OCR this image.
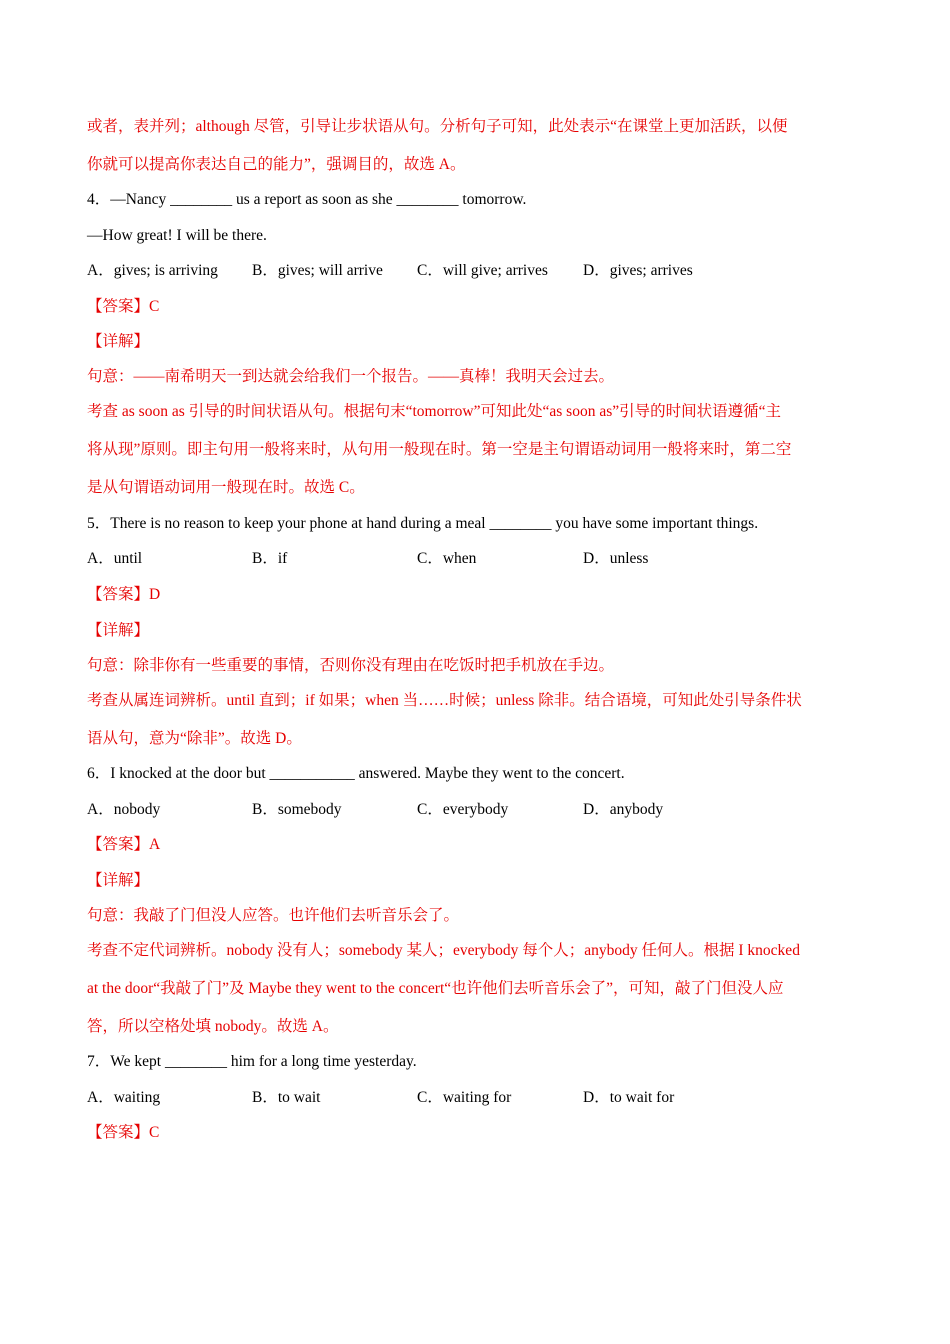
或者，表并列；although 尽管，引导让步状语从句。分析句子可知，此处表示“在课堂上更加活跃，以便
你就可以提高你表达自己的能力”，强调目的，故选 A。
4．—Nancy ________ us a report as soon as she ________ tomorrow.
—How great! I will be there.
A．gives; is arriving B．gives; will arrive C．will give; arrives D．gives; arrives
【答案】C
【详解】
句意：——南希明天一到达就会给我们一个报告。——真棒！我明天会过去。
考查 as soon as 引导的时间状语从句。根据句末“tomorrow”可知此处“as soon as”引导的时间状语遵循“主
将从现”原则。即主句用一般将来时，从句用一般现在时。第一空是主句谓语动词用一般将来时，第二空
是从句谓语动词用一般现在时。故选 C。
5．There is no reason to keep your phone at hand during a meal ________ you have some important things.
A．until	B．if	C．when	D．unless
【答案】D
【详解】
句意：除非你有一些重要的事情，否则你没有理由在吃饭时把手机放在手边。
考查从属连词辨析。until 直到；if 如果；when 当……时候；unless 除非。结合语境，可知此处引导条件状
语从句，意为“除非”。故选 D。
6．I knocked at the door but ___________ answered. Maybe they went to the concert.
A．nobody	B．somebody	C．everybody	D．anybody
【答案】A
【详解】
句意：我敲了门但没人应答。也许他们去听音乐会了。
考查不定代词辨析。nobody 没有人；somebody 某人；everybody 每个人；anybody 任何人。根据 I knocked
at the door“我敲了门”及 Maybe they went to the concert“也许他们去听音乐会了”，可知，敲了门但没人应
答，所以空格处填 nobody。故选 A。
7．We kept ________ him for a long time yesterday.
A．waiting	B．to wait	C．waiting for	D．to wait for
【答案】C
